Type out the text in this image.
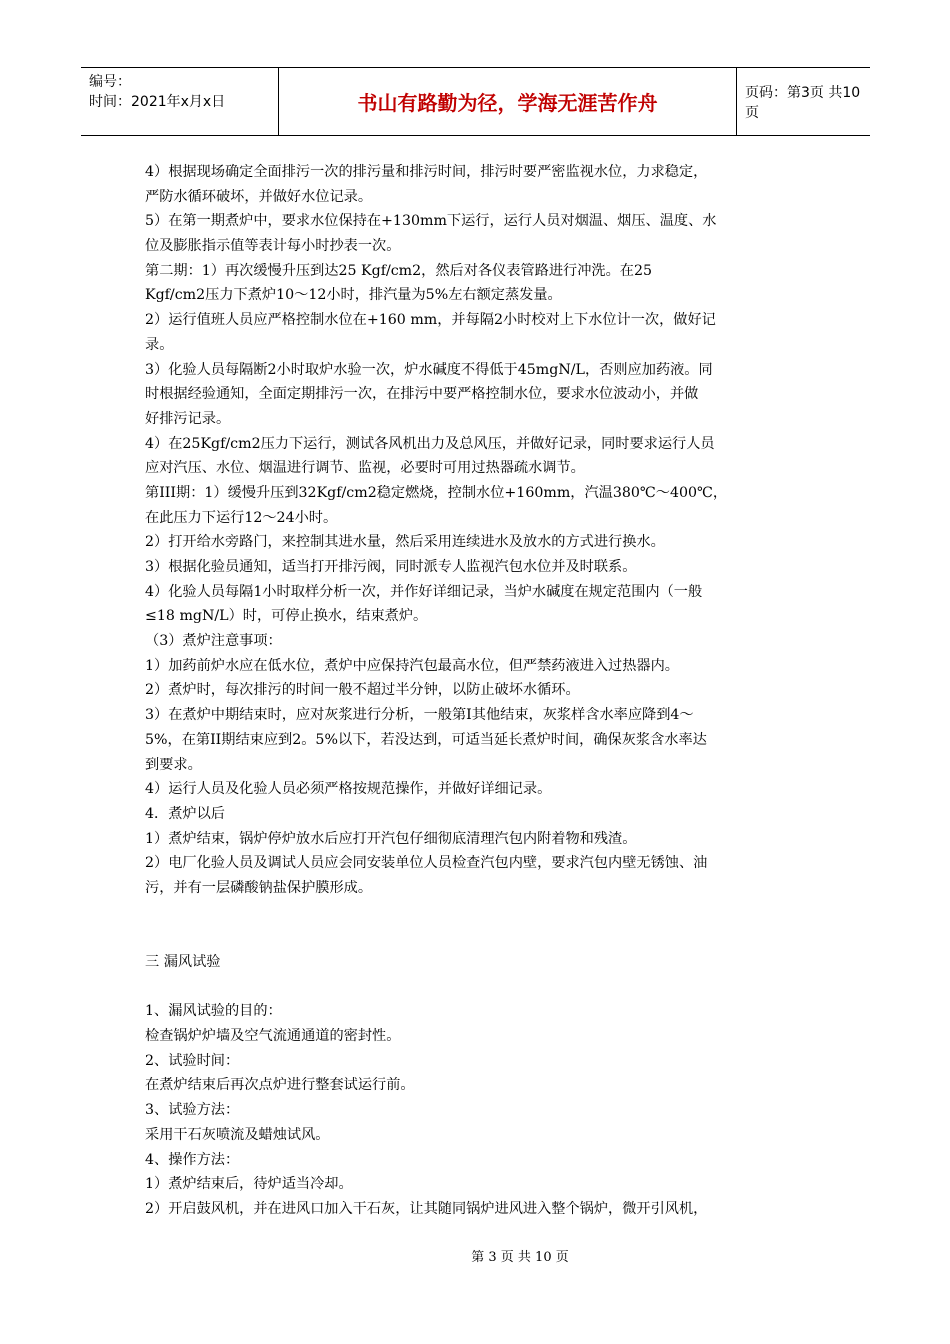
编号：
时间：2021年x月x日	书山有路勤为径，学海无涯苦作舟	页码：第3页 共10页
4）根据现场确定全面排污一次的排污量和排污时间，排污时要严密监视水位，力求稳定，
严防水循环破坏，并做好水位记录。
5）在第一期煮炉中，要求水位保持在+130mm下运行，运行人员对烟温、烟压、温度、水
位及膨胀指示值等表计每小时抄表一次。
第二期：1）再次缓慢升压到达25 Kgf/cm2，然后对各仪表管路进行冲洗。在25
Kgf/cm2压力下煮炉10～12小时，排汽量为5%左右额定蒸发量。
2）运行值班人员应严格控制水位在+160 mm，并每隔2小时校对上下水位计一次，做好记
录。
3）化验人员每隔断2小时取炉水验一次，炉水碱度不得低于45mgN/L，否则应加药液。同
时根据经验通知，全面定期排污一次，在排污中要严格控制水位，要求水位波动小，并做
好排污记录。
4）在25Kgf/cm2压力下运行，测试各风机出力及总风压，并做好记录，同时要求运行人员
应对汽压、水位、烟温进行调节、监视，必要时可用过热器疏水调节。
第III期：1）缓慢升压到32Kgf/cm2稳定燃烧，控制水位+160mm，汽温380℃～400℃，
在此压力下运行12～24小时。
2）打开给水旁路门，来控制其进水量，然后采用连续进水及放水的方式进行换水。
3）根据化验员通知，适当打开排污阀，同时派专人监视汽包水位并及时联系。
4）化验人员每隔1小时取样分析一次，并作好详细记录，当炉水碱度在规定范围内（一般
≤18 mgN/L）时，可停止换水，结束煮炉。
（3）煮炉注意事项：
1）加药前炉水应在低水位，煮炉中应保持汽包最高水位，但严禁药液进入过热器内。
2）煮炉时，每次排污的时间一般不超过半分钟，以防止破坏水循环。
3）在煮炉中期结束时，应对灰浆进行分析，一般第I其他结束，灰浆样含水率应降到4～
5%，在第II期结束应到2。5%以下，若没达到，可适当延长煮炉时间，确保灰浆含水率达
到要求。
4）运行人员及化验人员必须严格按规范操作，并做好详细记录。
4．煮炉以后
1）煮炉结束，锅炉停炉放水后应打开汽包仔细彻底清理汽包内附着物和残渣。
2）电厂化验人员及调试人员应会同安装单位人员检查汽包内壁，要求汽包内壁无锈蚀、油
污，并有一层磷酸钠盐保护膜形成。
三 漏风试验
1、漏风试验的目的：
检查锅炉炉墙及空气流通通道的密封性。
2、试验时间：
在煮炉结束后再次点炉进行整套试运行前。
3、试验方法：
采用干石灰喷流及蜡烛试风。
4、操作方法：
1）煮炉结束后，待炉适当冷却。
2）开启鼓风机，并在进风口加入干石灰，让其随同锅炉进风进入整个锅炉，微开引风机，
第 3 页 共 10 页
